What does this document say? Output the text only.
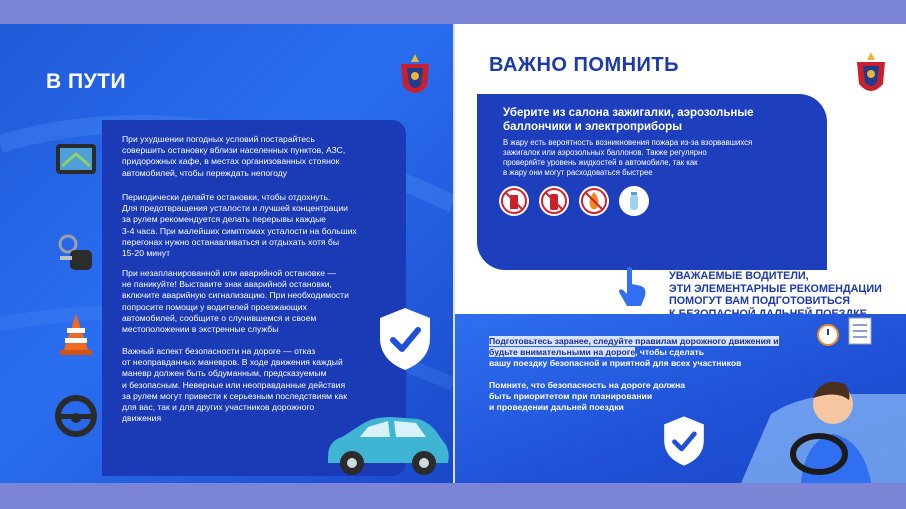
В ПУТИ
При ухудшении погодных условий постарайтесь
совершить остановку вблизи населенных пунктов, АЗС,
придорожных кафе, в местах организованных стоянок
автомобилей, чтобы переждать непогоду
Периодически делайте остановки, чтобы отдохнуть.
Для предотвращения усталости и лучшей концентрации
за рулем рекомендуется делать перерывы каждые
3-4 часа. При малейших симптомах усталости на больших
перегонах нужно останавливаться и отдыхать хотя бы
15-20 минут
При незапланированной или аварийной остановке —
не паникуйте! Выставите знак аварийной остановки,
включите аварийную сигнализацию. При необходимости
попросите помощи у водителей проезжающих
автомобилей, сообщите о случившемся и своем
местоположении в экстренные службы
Важный аспект безопасности на дороге — отказ
от неоправданных маневров. В ходе движения каждый
маневр должен быть обдуманным, предсказуемым
и безопасным. Неверные или неоправданные действия
за рулем могут привести к серьезным последствиям как
для вас, так и для других участников дорожного
движения
ВАЖНО ПОМНИТЬ
Уберите из салона зажигалки, аэрозольные
баллончики и электроприборы
В жару есть вероятность возникновения пожара из-за взорвавшихся
зажигалок или аэрозольных баллонов. Также регулярно
проверяйте уровень жидкостей в автомобиле, так как
в жару они могут расходоваться быстрее
УВАЖАЕМЫЕ ВОДИТЕЛИ,
ЭТИ ЭЛЕМЕНТАРНЫЕ РЕКОМЕНДАЦИИ
ПОМОГУТ ВАМ ПОДГОТОВИТЬСЯ
Подготовьтесь заранее, следуйте правилам дорожного движения и будьте внимательными на дороге, чтобы сделать
вашу поездку безопасной и приятной для всех участников
Помните, что безопасность на дороге должна
быть приоритетом при планировании
и проведении дальней поездки
